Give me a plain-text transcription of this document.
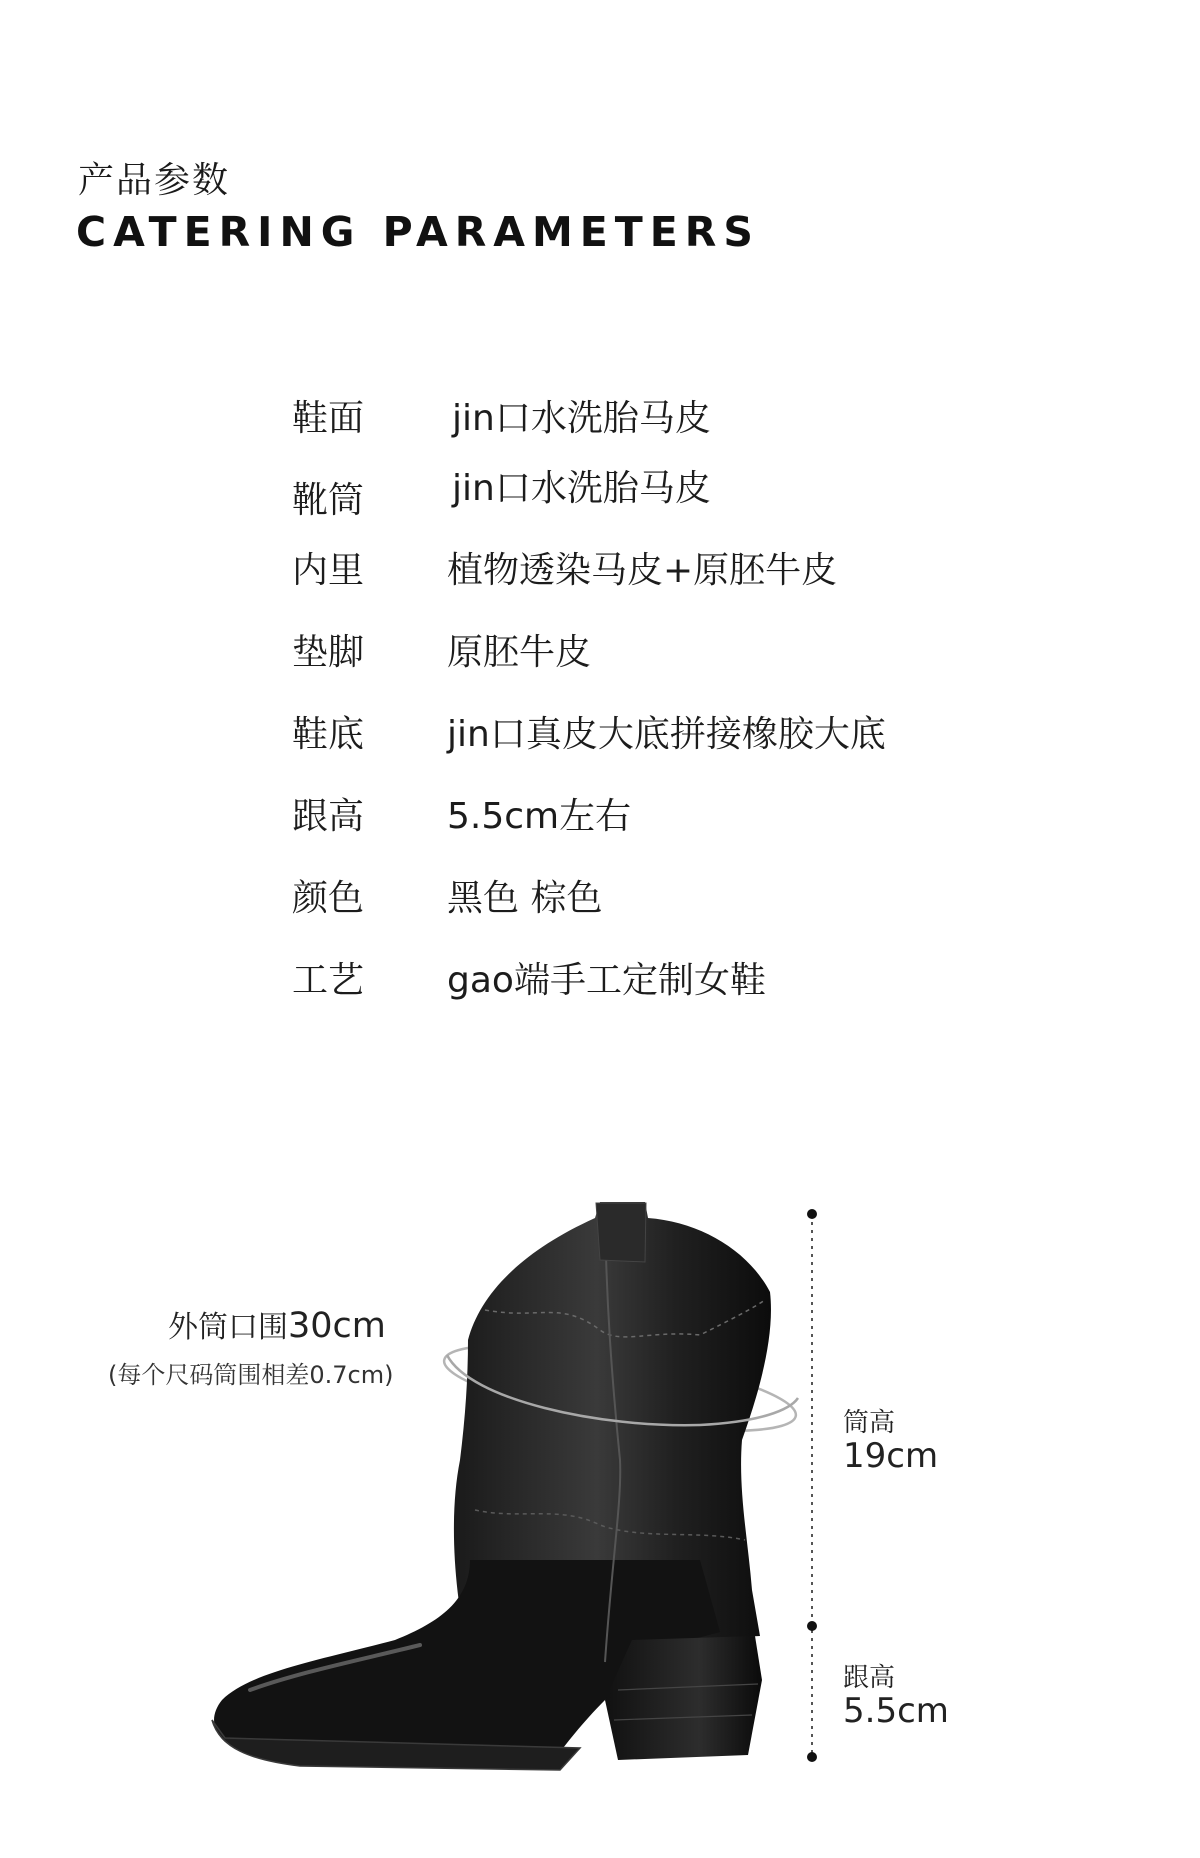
产品参数
CATERING PARAMETERS
鞋面 jin口水洗胎马皮
靴筒 jin口水洗胎马皮
内里 植物透染马皮+原胚牛皮
垫脚 原胚牛皮
鞋底 jin口真皮大底拼接橡胶大底
跟高 5.5cm左右
颜色 黑色 棕色
工艺 gao端手工定制女鞋
外筒口围30cm
(每个尺码筒围相差0.7cm)
筒高
19cm
跟高
5.5cm
